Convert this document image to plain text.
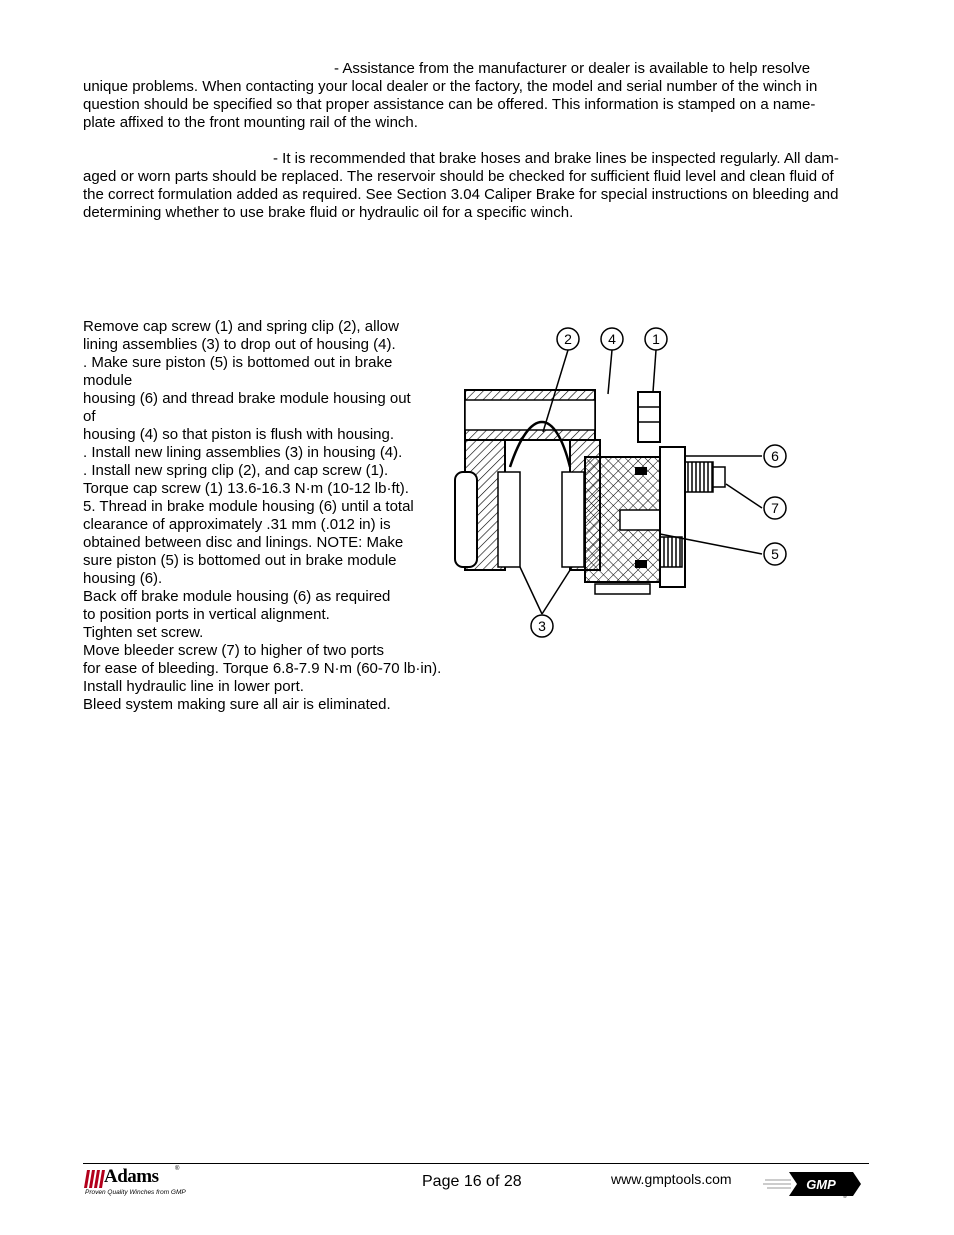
- Assistance from the manufacturer or dealer is available to help resolve
unique problems. When contacting your local dealer or the factory, the model and serial number of the winch in
question should be specified so that proper assistance can be offered. This information is stamped on a name-
plate affixed to the front mounting rail of the winch.
- It is recommended that brake hoses and brake lines be inspected regularly. All dam-
aged or worn parts should be replaced. The reservoir should be checked for sufficient fluid level and clean fluid of
the correct formulation added as required. See Section 3.04 Caliper Brake for special instructions on bleeding and
determining whether to use brake fluid or hydraulic oil for a specific winch.
Remove cap screw (1) and spring clip (2), allow
lining assemblies (3) to drop out of housing (4).
. Make sure piston (5) is bottomed out in brake
module
housing (6) and thread brake module housing out
of
housing (4) so that piston is flush with housing.
. Install new lining assemblies (3) in housing (4).
. Install new spring clip (2), and cap screw (1).
Torque cap screw (1) 13.6-16.3 N·m (10-12 lb·ft).
5. Thread in brake module housing (6) until a total
clearance of approximately .31 mm (.012 in) is
obtained between disc and linings. NOTE: Make
sure piston (5) is bottomed out in brake module
housing (6).
Back off brake module housing (6) as required
to position ports in vertical alignment.
Tighten set screw.
Move bleeder screw (7) to higher of two ports
for ease of bleeding. Torque 6.8-7.9 N·m (60-70 lb·in).
Install hydraulic line in lower port.
Bleed system making sure all air is eliminated.
2	4	1
6
7
5
3
Adams	®
Proven Quality Winches from GMP
Page 16 of 28	www.gmptools.com	GMP
®
